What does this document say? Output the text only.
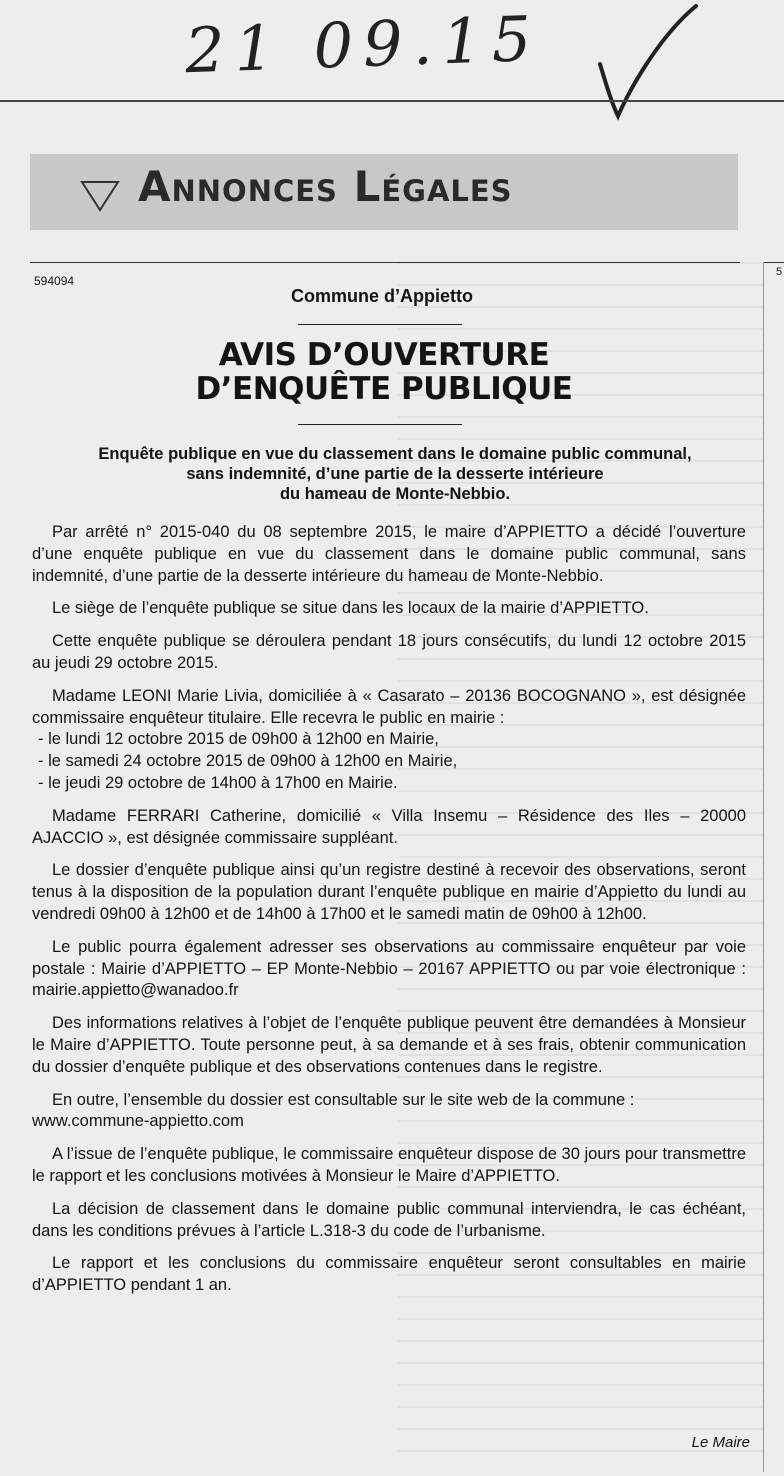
21 09.15
Annonces Légales
5
594094
Commune d’Appietto
AVIS D’OUVERTURE
D’ENQUÊTE PUBLIQUE
Enquête publique en vue du classement dans le domaine public communal,
sans indemnité, d’une partie de la desserte intérieure
du hameau de Monte-Nebbio.

Par arrêté n° 2015-040 du 08 septembre 2015, le maire d’APPIETTO a décidé l’ouverture d’une enquête publique en vue du classement dans le domaine public communal, sans indemnité, d’une partie de la desserte intérieure du hameau de Monte-Nebbio.

Le siège de l’enquête publique se situe dans les locaux de la mairie d’APPIETTO.

Cette enquête publique se déroulera pendant 18 jours consécutifs, du lundi 12 octobre 2015 au jeudi 29 octobre 2015.

Madame LEONI Marie Livia, domiciliée à « Casarato – 20136 BOCOGNANO », est désignée commissaire enquêteur titulaire. Elle recevra le public en mairie :

- le lundi 12 octobre 2015 de 09h00 à 12h00 en Mairie,
- le samedi 24 octobre 2015 de 09h00 à 12h00 en Mairie,
- le jeudi 29 octobre de 14h00 à 17h00 en Mairie.

Madame FERRARI Catherine, domicilié « Villa Insemu – Résidence des Iles – 20000 AJACCIO », est désignée commissaire suppléant.

Le dossier d’enquête publique ainsi qu’un registre destiné à recevoir des observations, seront tenus à la disposition de la population durant l’enquête publique en mairie d’Appietto du lundi au vendredi 09h00 à 12h00 et de 14h00 à 17h00 et le samedi matin de 09h00 à 12h00.

Le public pourra également adresser ses observations au commissaire enquêteur par voie postale : Mairie d’APPIETTO – EP Monte-Nebbio – 20167 APPIETTO ou par voie électronique : mairie.appietto@wanadoo.fr

Des informations relatives à l’objet de l’enquête publique peuvent être demandées à Monsieur le Maire d’APPIETTO. Toute personne peut, à sa demande et à ses frais, obtenir communication du dossier d’enquête publique et des observations contenues dans le registre.

En outre, l’ensemble du dossier est consultable sur le site web de la commune :
www.commune-appietto.com

A l’issue de l’enquête publique, le commissaire enquêteur dispose de 30 jours pour transmettre le rapport et les conclusions motivées à Monsieur le Maire d’APPIETTO.

La décision de classement dans le domaine public communal interviendra, le cas échéant, dans les conditions prévues à l’article L.318-3 du code de l’urbanisme.

Le rapport et les conclusions du commissaire enquêteur seront consultables en mairie d’APPIETTO pendant 1 an.

Le Maire
